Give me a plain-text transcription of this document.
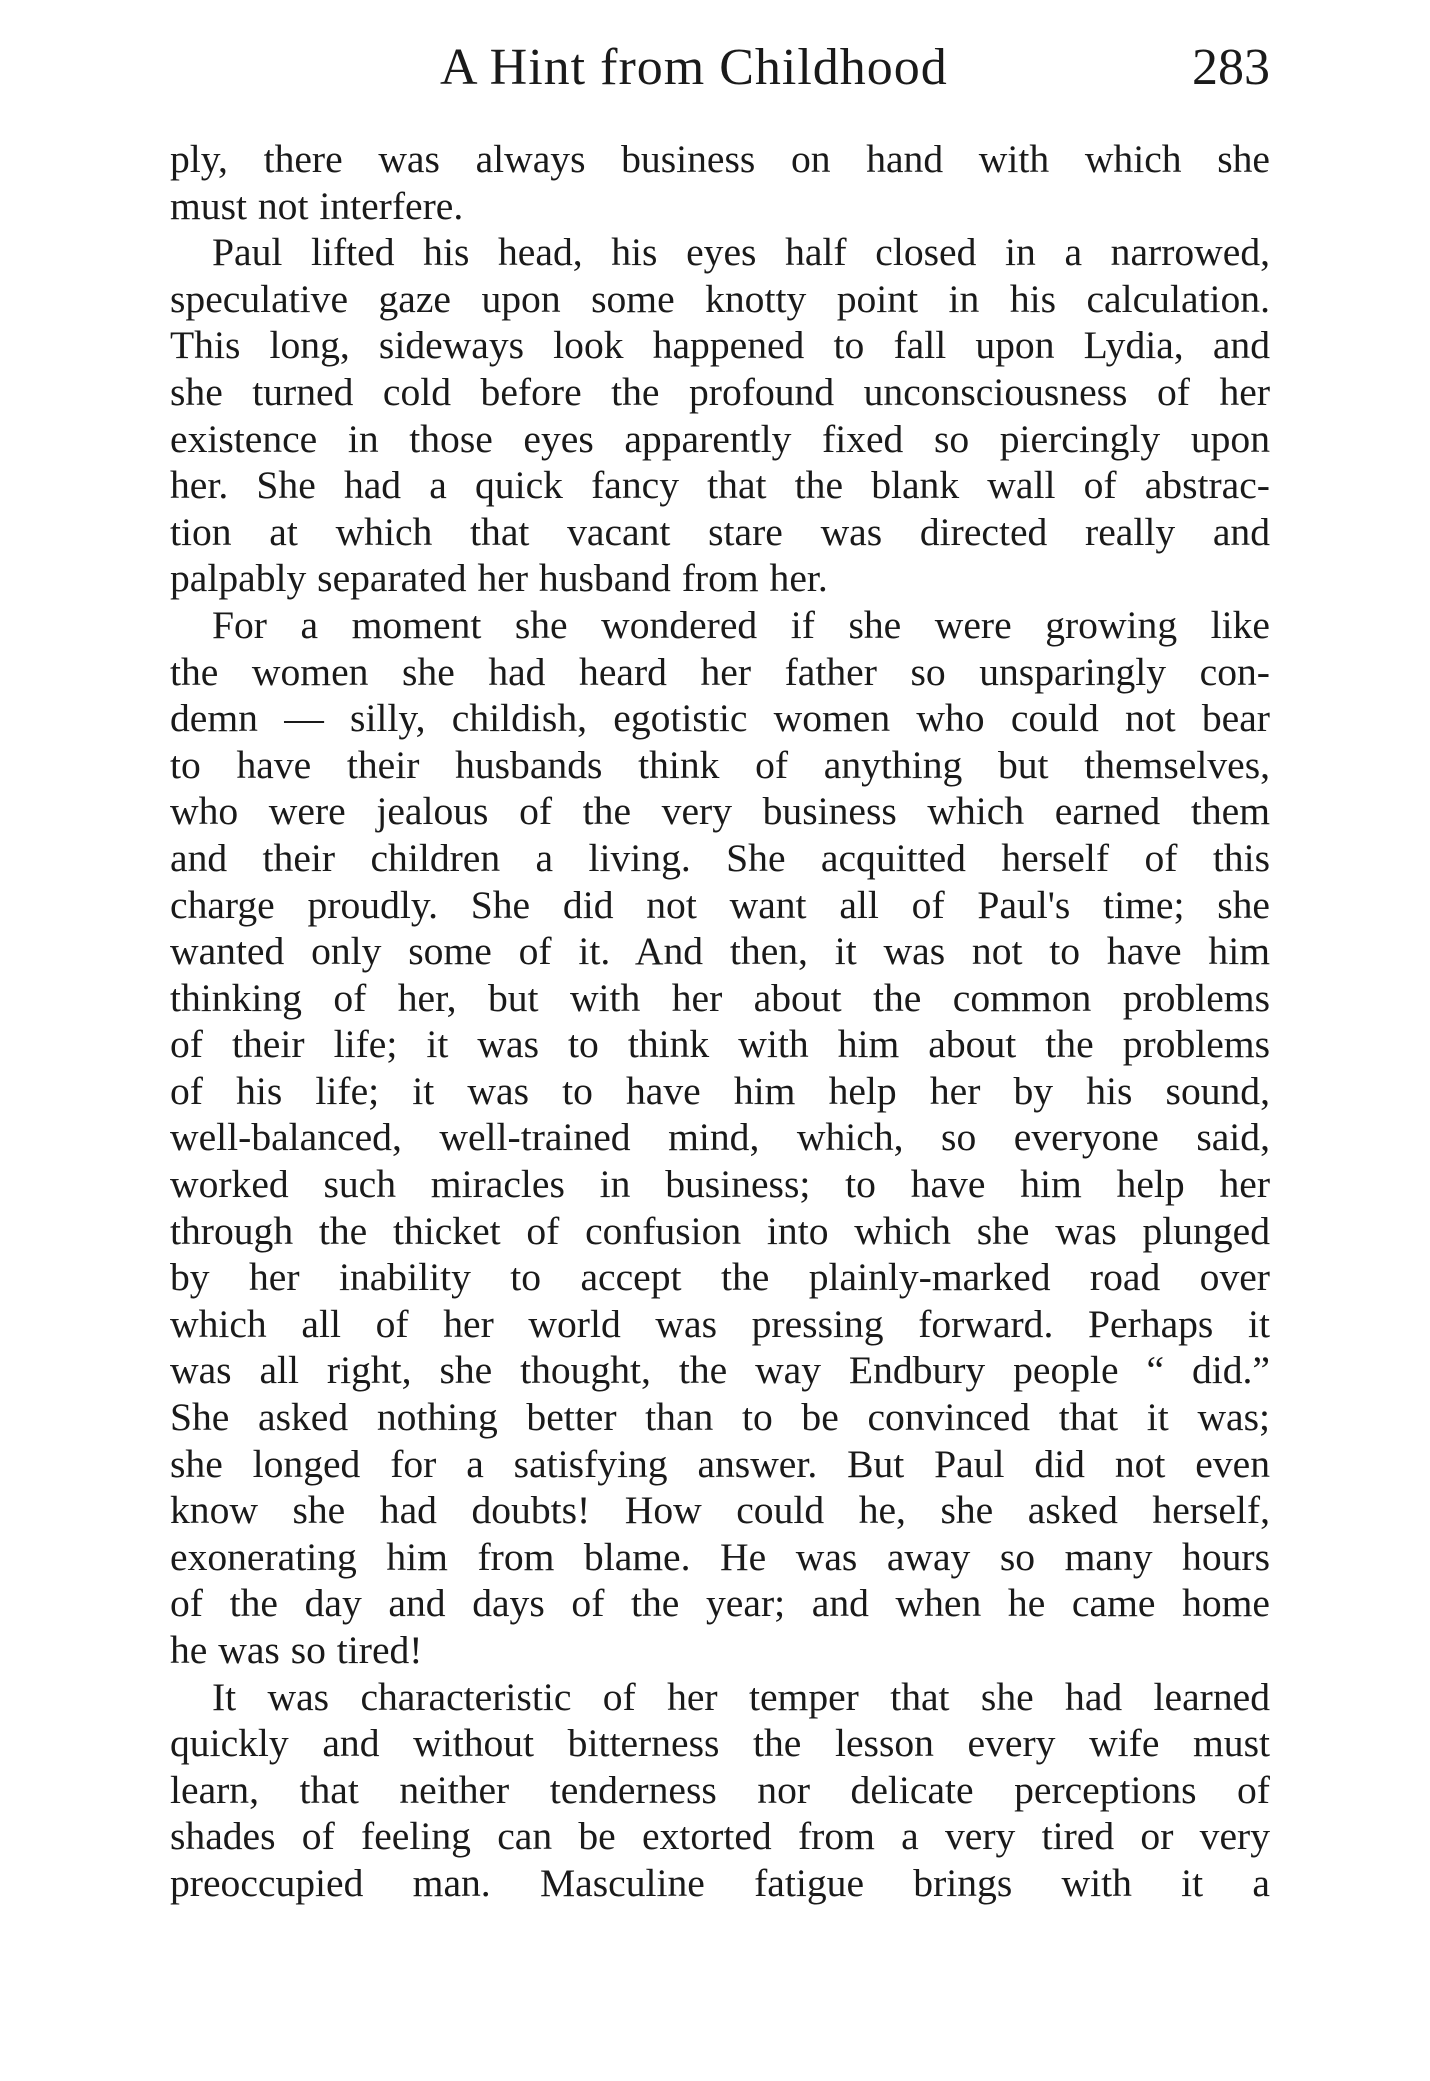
A Hint from Childhood	283
ply, there was always business on hand with which she
must not interfere.
Paul lifted his head, his eyes half closed in a narrowed,
speculative gaze upon some knotty point in his calculation.
This long, sideways look happened to fall upon Lydia, and
she turned cold before the profound unconsciousness of her
existence in those eyes apparently fixed so piercingly upon
her. She had a quick fancy that the blank wall of abstrac-
tion at which that vacant stare was directed really and
palpably separated her husband from her.
For a moment she wondered if she were growing like
the women she had heard her father so unsparingly con-
demn — silly, childish, egotistic women who could not bear
to have their husbands think of anything but themselves,
who were jealous of the very business which earned them
and their children a living. She acquitted herself of this
charge proudly. She did not want all of Paul's time; she
wanted only some of it. And then, it was not to have him
thinking of her, but with her about the common problems
of their life; it was to think with him about the problems
of his life; it was to have him help her by his sound,
well-balanced, well-trained mind, which, so everyone said,
worked such miracles in business; to have him help her
through the thicket of confusion into which she was plunged
by her inability to accept the plainly-marked road over
which all of her world was pressing forward. Perhaps it
was all right, she thought, the way Endbury people “ did.”
She asked nothing better than to be convinced that it was;
she longed for a satisfying answer. But Paul did not even
know she had doubts! How could he, she asked herself,
exonerating him from blame. He was away so many hours
of the day and days of the year; and when he came home
he was so tired!
It was characteristic of her temper that she had learned
quickly and without bitterness the lesson every wife must
learn, that neither tenderness nor delicate perceptions of
shades of feeling can be extorted from a very tired or very
preoccupied man. Masculine fatigue brings with it a
